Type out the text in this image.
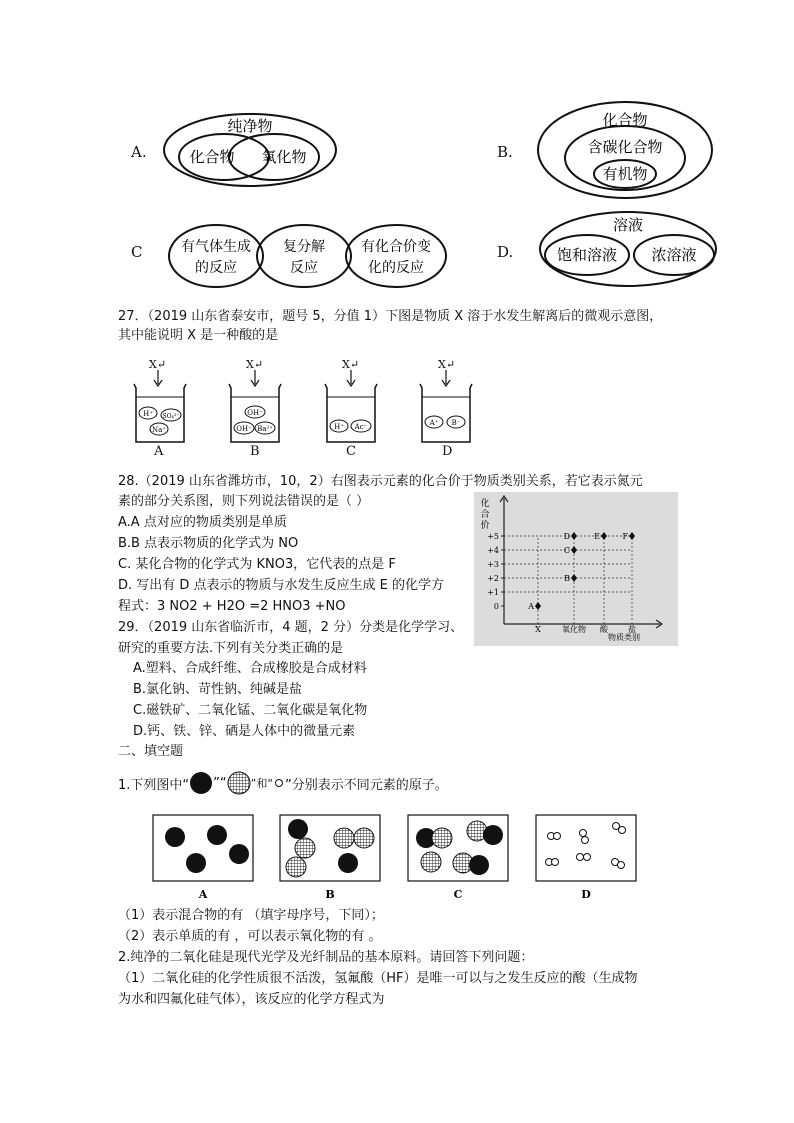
A.
纯净物
化合物 氧化物	B.
化合物
含碳化合物
有机物
C	有气体生成
的反应
复分解
反应
有化合价变
化的反应
D.
溶液
饱和溶液 浓溶液
27．（2019 山东省泰安市，题号 5，分值 1）下图是物质 X 溶于水发生解离后的微观示意图，
其中能说明 X 是一种酸的是
X↵
H⁺ SO₄²⁻
Na⁺
A
X↵
OH⁻
OH⁻ Ba²⁺
B
X↵
H⁺ Ac⁻
C
X↵
A⁺ B⁻
D
28.（2019 山东省潍坊市，10，2）右图表示元素的化合价于物质类别关系，若它表示氮元
素的部分关系图，则下列说法错误的是（ ）
A.A 点对应的物质类别是单质
B.B 点表示物质的化学式为 NO
C. 某化合物的化学式为 KNO3，它代表的点是 F
D. 写出有 D 点表示的物质与水发生反应生成 E 的化学方
程式：3 NO2 + H2O =2 HNO3 +NO
化
合
价
物质类别
0
+1
+2
+3
+4
+5
X	氧化物 酸	盐
A
B
C
D	E	F
29．（2019 山东省临沂市，4 题，2 分）分类是化学学习、
研究的重要方法.下列有关分类正确的是
A.塑料、合成纤维、合成橡胶是合成材料
B.氯化钠、苛性钠、纯碱是盐
C.磁铁矿、二氧化锰、二氧化碳是氧化物
D.钙、铁、锌、硒是人体中的微量元素
二、填空题
1.下列图中“ ”“ ”和“ ”分别表示不同元素的原子。
A	B	C	D
（1）表示混合物的有 （填字母序号，下同）；
（2）表示单质的有 ，可以表示氧化物的有 。
2.纯净的二氧化硅是现代光学及光纤制品的基本原料。请回答下列问题：
（1）二氧化硅的化学性质很不活泼，氢氟酸（HF）是唯一可以与之发生反应的酸（生成物
为水和四氟化硅气体），该反应的化学方程式为
